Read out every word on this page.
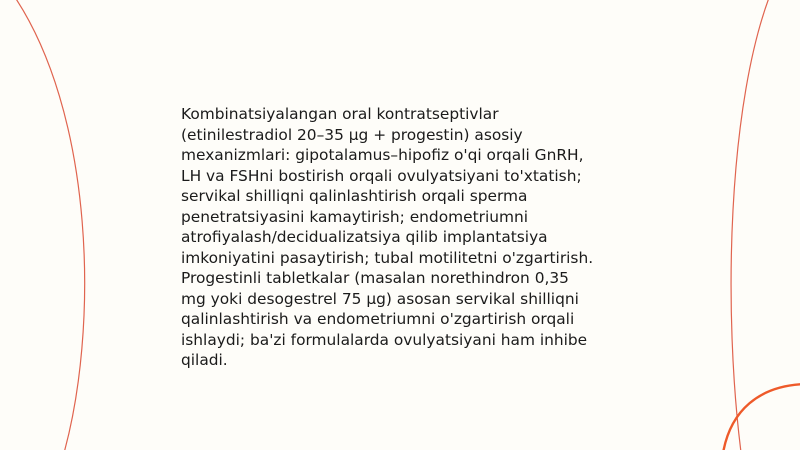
Kombinatsiyalangan oral kontratseptivlar
(etinilestradiol 20–35 µg + progestin) asosiy
mexanizmlari: gipotalamus–hipofiz o'qi orqali GnRH,
LH va FSHni bostirish orqali ovulyatsiyani to'xtatish;
servikal shilliqni qalinlashtirish orqali sperma
penetratsiyasini kamaytirish; endometriumni
atrofiyalash/decidualizatsiya qilib implantatsiya
imkoniyatini pasaytirish; tubal motilitetni o'zgartirish.
Progestinli tabletkalar (masalan norethindron 0,35
mg yoki desogestrel 75 µg) asosan servikal shilliqni
qalinlashtirish va endometriumni o'zgartirish orqali
ishlaydi; ba'zi formulalarda ovulyatsiyani ham inhibe
qiladi.
